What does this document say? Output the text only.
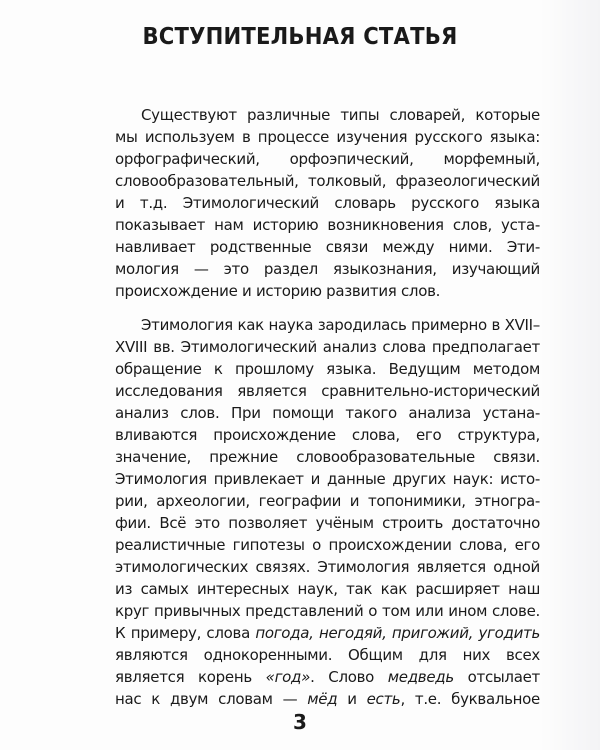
ВСТУПИТЕЛЬНАЯ СТАТЬЯ
Существуют различные типы словарей, которые
мы используем в процессе изучения русского языка:
орфографический, орфоэпический, морфемный,
словообразовательный, толковый, фразеологический
и т.д. Этимологический словарь русского языка
показывает нам историю возникновения слов, уста-
навливает родственные связи между ними. Эти-
мология — это раздел языкознания, изучающий
происхождение и историю развития слов.
Этимология как наука зародилась примерно в XVII–
XVIII вв. Этимологический анализ слова предполагает
обращение к прошлому языка. Ведущим методом
исследования является сравнительно-исторический
анализ слов. При помощи такого анализа устана-
вливаются происхождение слова, его структура,
значение, прежние словообразовательные связи.
Этимология привлекает и данные других наук: исто-
рии, археологии, географии и топонимики, этногра-
фии. Всё это позволяет учёным строить достаточно
реалистичные гипотезы о происхождении слова, его
этимологических связях. Этимология является одной
из самых интересных наук, так как расширяет наш
круг привычных представлений о том или ином слове.
К примеру, слова погода, негодяй, пригожий, угодить
являются однокоренными. Общим для них всех
является корень «год». Слово медведь отсылает
нас к двум словам — мёд и есть, т.е. буквальное
3
